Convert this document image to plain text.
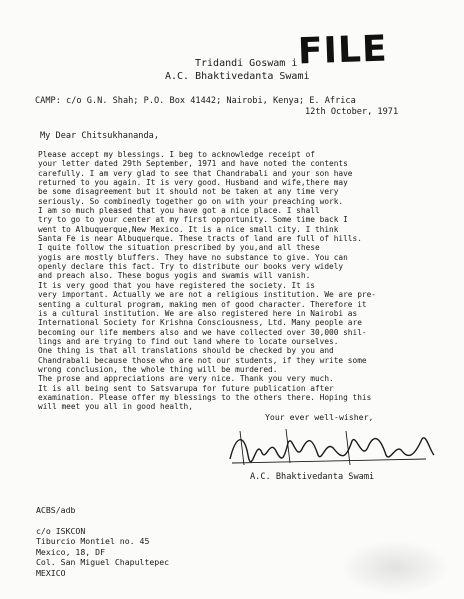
FILE
Tridandi Goswam i
A.C. Bhaktivedanta Swami
CAMP: c/o G.N. Shah; P.O. Box 41442; Nairobi, Kenya; E. Africa
12th October, 1971
My Dear Chitsukhananda,
Please accept my blessings. I beg to acknowledge receipt of
your letter dated 29th September, 1971 and have noted the contents
carefully. I am very glad to see that Chandrabali and your son have
returned to you again. It is very good. Husband and wife,there may
be some disagreement but it should not be taken at any time very
seriously. So combinedly together go on with your preaching work.
I am so much pleased that you have got a nice place. I shall
try to go to your center at my first opportunity. Some time back I
went to Albuquerque,New Mexico. It is a nice small city. I think
Santa Fe is near Albuquerque. These tracts of land are full of hills.
I quite follow the situation prescribed by you,and all these
yogis are mostly bluffers. They have no substance to give. You can
openly declare this fact. Try to distribute our books very widely
and preach also. These bogus yogis and swamis will vanish.
It is very good that you have registered the society. It is
very important. Actually we are not a religious institution. We are pre-
senting a cultural program, making men of good character. Therefore it
is a cultural institution. We are also registered here in Nairobi as
International Society for Krishna Consciousness, Ltd. Many people are
becoming our life members also and we have collected over 30,000 shil-
lings and are trying to find out land where to locate ourselves.
One thing is that all translations should be checked by you and
Chandrabali because those who are not our students, if they write some
wrong conclusion, the whole thing will be murdered.
The prose and appreciations are very nice. Thank you very much.
It is all being sent to Satsvarupa for future publication after
examination. Please offer my blessings to the others there. Hoping this
will meet you all in good health,
Your ever well-wisher,
A.C. Bhaktivedanta Swami
ACBS/adb
c/o ISKCON
Tiburcio Montiel no. 45
Mexico, 18, DF
Col. San Miguel Chapultepec
MEXICO
